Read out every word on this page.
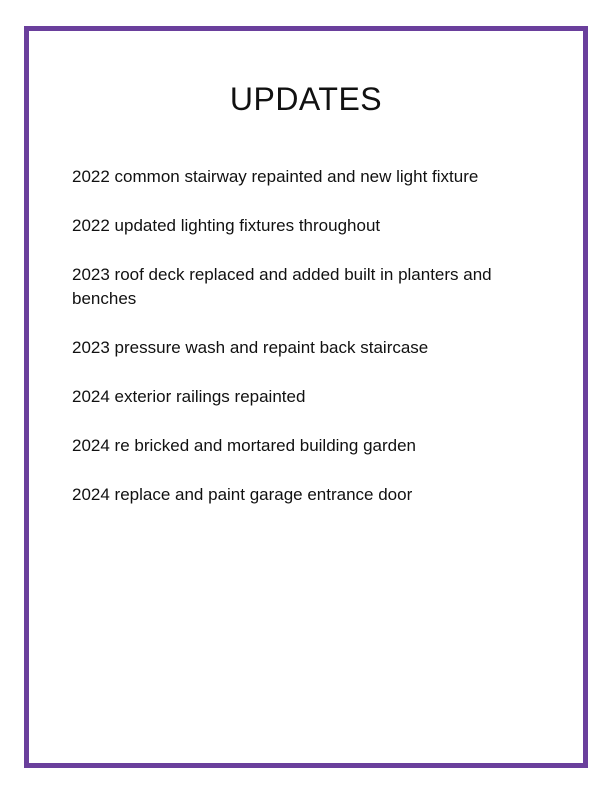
UPDATES
2022 common stairway repainted and new light fixture
2022 updated lighting fixtures throughout
2023 roof deck replaced and added built in planters and benches
2023 pressure wash and repaint back staircase
2024 exterior railings repainted
2024 re bricked and mortared building garden
2024 replace and paint garage entrance door
